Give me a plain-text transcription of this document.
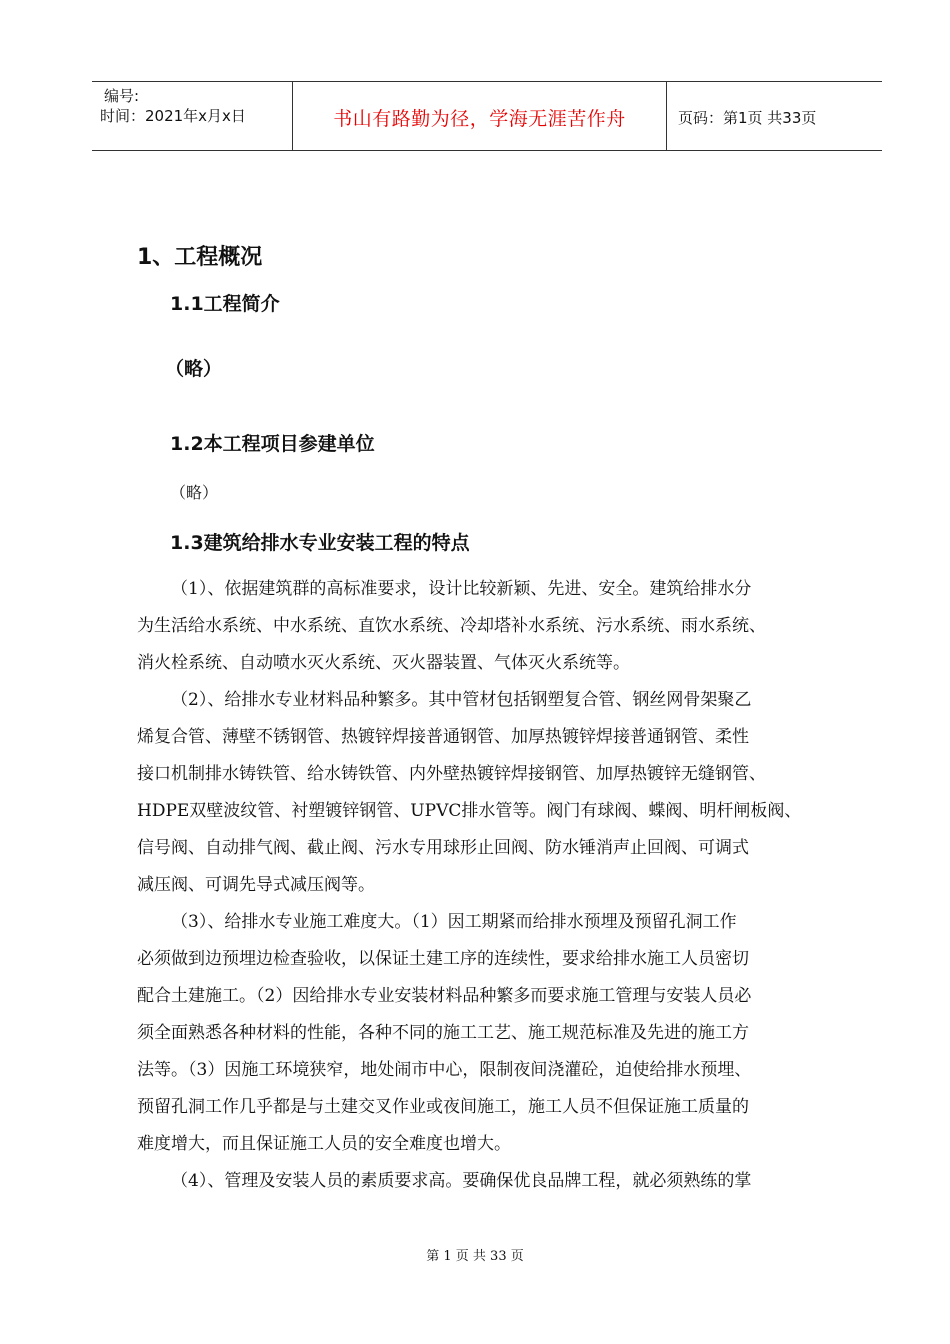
编号:
时间：2021年x月x日	书山有路勤为径，学海无涯苦作舟	页码：第1页 共33页
1、工程概况
1.1工程简介
（略）
1.2本工程项目参建单位
（略）
1.3建筑给排水专业安装工程的特点
（1）、依据建筑群的高标准要求，设计比较新颖、先进、安全。建筑给排水分
为生活给水系统、中水系统、直饮水系统、冷却塔补水系统、污水系统、雨水系统、
消火栓系统、自动喷水灭火系统、灭火器装置、气体灭火系统等。
（2）、给排水专业材料品种繁多。其中管材包括钢塑复合管、钢丝网骨架聚乙
烯复合管、薄壁不锈钢管、热镀锌焊接普通钢管、加厚热镀锌焊接普通钢管、柔性
接口机制排水铸铁管、给水铸铁管、内外壁热镀锌焊接钢管、加厚热镀锌无缝钢管、
HDPE双壁波纹管、衬塑镀锌钢管、UPVC排水管等。阀门有球阀、蝶阀、明杆闸板阀、
信号阀、自动排气阀、截止阀、污水专用球形止回阀、防水锤消声止回阀、可调式
减压阀、可调先导式减压阀等。
（3）、给排水专业施工难度大。（1）因工期紧而给排水预埋及预留孔洞工作
必须做到边预埋边检查验收，以保证土建工序的连续性，要求给排水施工人员密切
配合土建施工。（2）因给排水专业安装材料品种繁多而要求施工管理与安装人员必
须全面熟悉各种材料的性能，各种不同的施工工艺、施工规范标准及先进的施工方
法等。（3）因施工环境狭窄，地处闹市中心，限制夜间浇灌砼，迫使给排水预埋、
预留孔洞工作几乎都是与土建交叉作业或夜间施工，施工人员不但保证施工质量的
难度增大，而且保证施工人员的安全难度也增大。
（4）、管理及安装人员的素质要求高。要确保优良品牌工程，就必须熟练的掌
第 1 页 共 33 页
